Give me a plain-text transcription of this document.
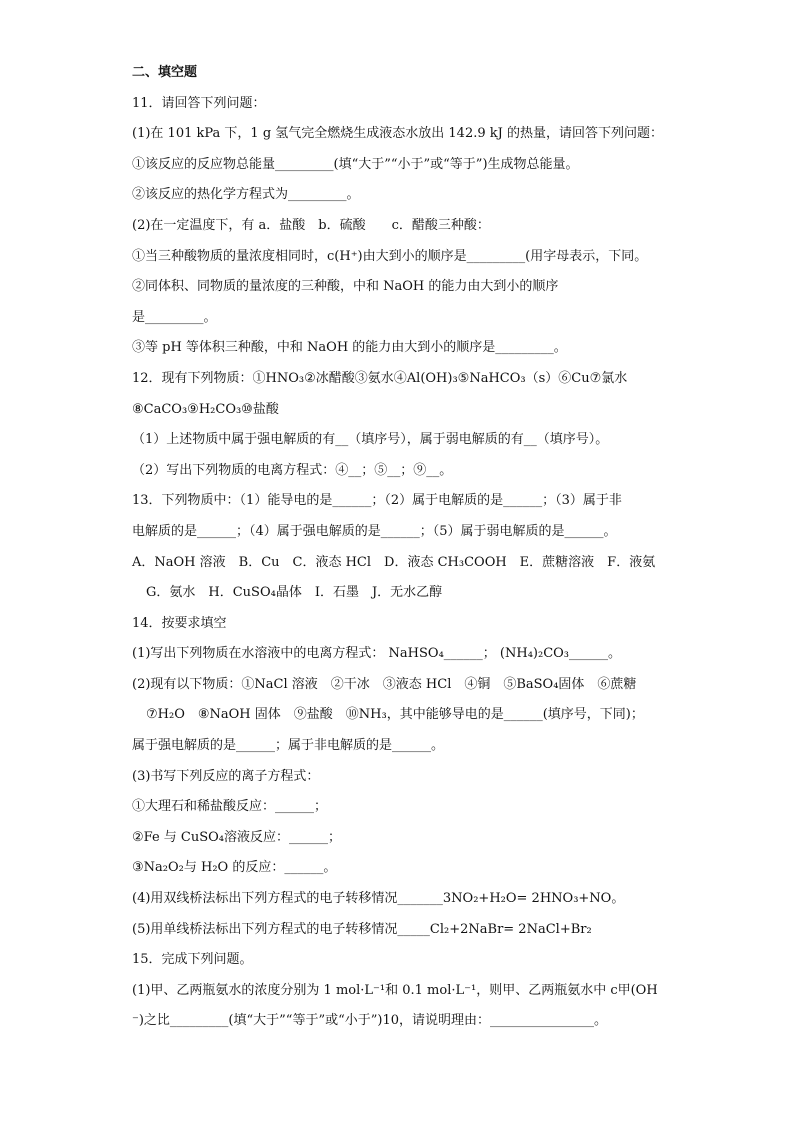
二、填空题
11．请回答下列问题：
(1)在 101 kPa 下，1 g 氢气完全燃烧生成液态水放出 142.9 kJ 的热量，请回答下列问题：
①该反应的反应物总能量_________(填“大于”“小于”或“等于”)生成物总能量。
②该反应的热化学方程式为_________。
(2)在一定温度下，有 a．盐酸　b．硫酸　　c．醋酸三种酸：
①当三种酸物质的量浓度相同时，c(H⁺)由大到小的顺序是_________(用字母表示，下同。
②同体积、同物质的量浓度的三种酸，中和 NaOH 的能力由大到小的顺序
是_________。
③等 pH 等体积三种酸，中和 NaOH 的能力由大到小的顺序是_________。
12．现有下列物质：①HNO₃②冰醋酸③氨水④Al(OH)₃⑤NaHCO₃（s）⑥Cu⑦氯水
⑧CaCO₃⑨H₂CO₃⑩盐酸
（1）上述物质中属于强电解质的有__（填序号），属于弱电解质的有__（填序号）。
（2）写出下列物质的电离方程式：④__；⑤__；⑨__。
13．下列物质中：（1）能导电的是______；（2）属于电解质的是______；（3）属于非
电解质的是______；（4）属于强电解质的是______；（5）属于弱电解质的是______。
A．NaOH 溶液　B．Cu　C．液态 HCl　D．液态 CH₃COOH　E．蔗糖溶液　F．液氨
G．氨水　H．CuSO₄晶体　I．石墨　J．无水乙醇
14．按要求填空
(1)写出下列物质在水溶液中的电离方程式： NaHSO₄______； (NH₄)₂CO₃______。
(2)现有以下物质：①NaCl 溶液　②干冰　③液态 HCl　④铜　⑤BaSO₄固体　⑥蔗糖
⑦H₂O　⑧NaOH 固体　⑨盐酸　⑩NH₃，其中能够导电的是______(填序号，下同)；
属于强电解质的是______；属于非电解质的是______。
(3)书写下列反应的离子方程式：
①大理石和稀盐酸反应：______；
②Fe 与 CuSO₄溶液反应：______；
③Na₂O₂与 H₂O 的反应：______。
(4)用双线桥法标出下列方程式的电子转移情况_______3NO₂+H₂O= 2HNO₃+NO。
(5)用单线桥法标出下列方程式的电子转移情况_____Cl₂+2NaBr= 2NaCl+Br₂
15．完成下列问题。
(1)甲、乙两瓶氨水的浓度分别为 1 mol·L⁻¹和 0.1 mol·L⁻¹，则甲、乙两瓶氨水中 c甲(OH
⁻)之比_________(填“大于”“等于”或“小于”)10，请说明理由：________________。
